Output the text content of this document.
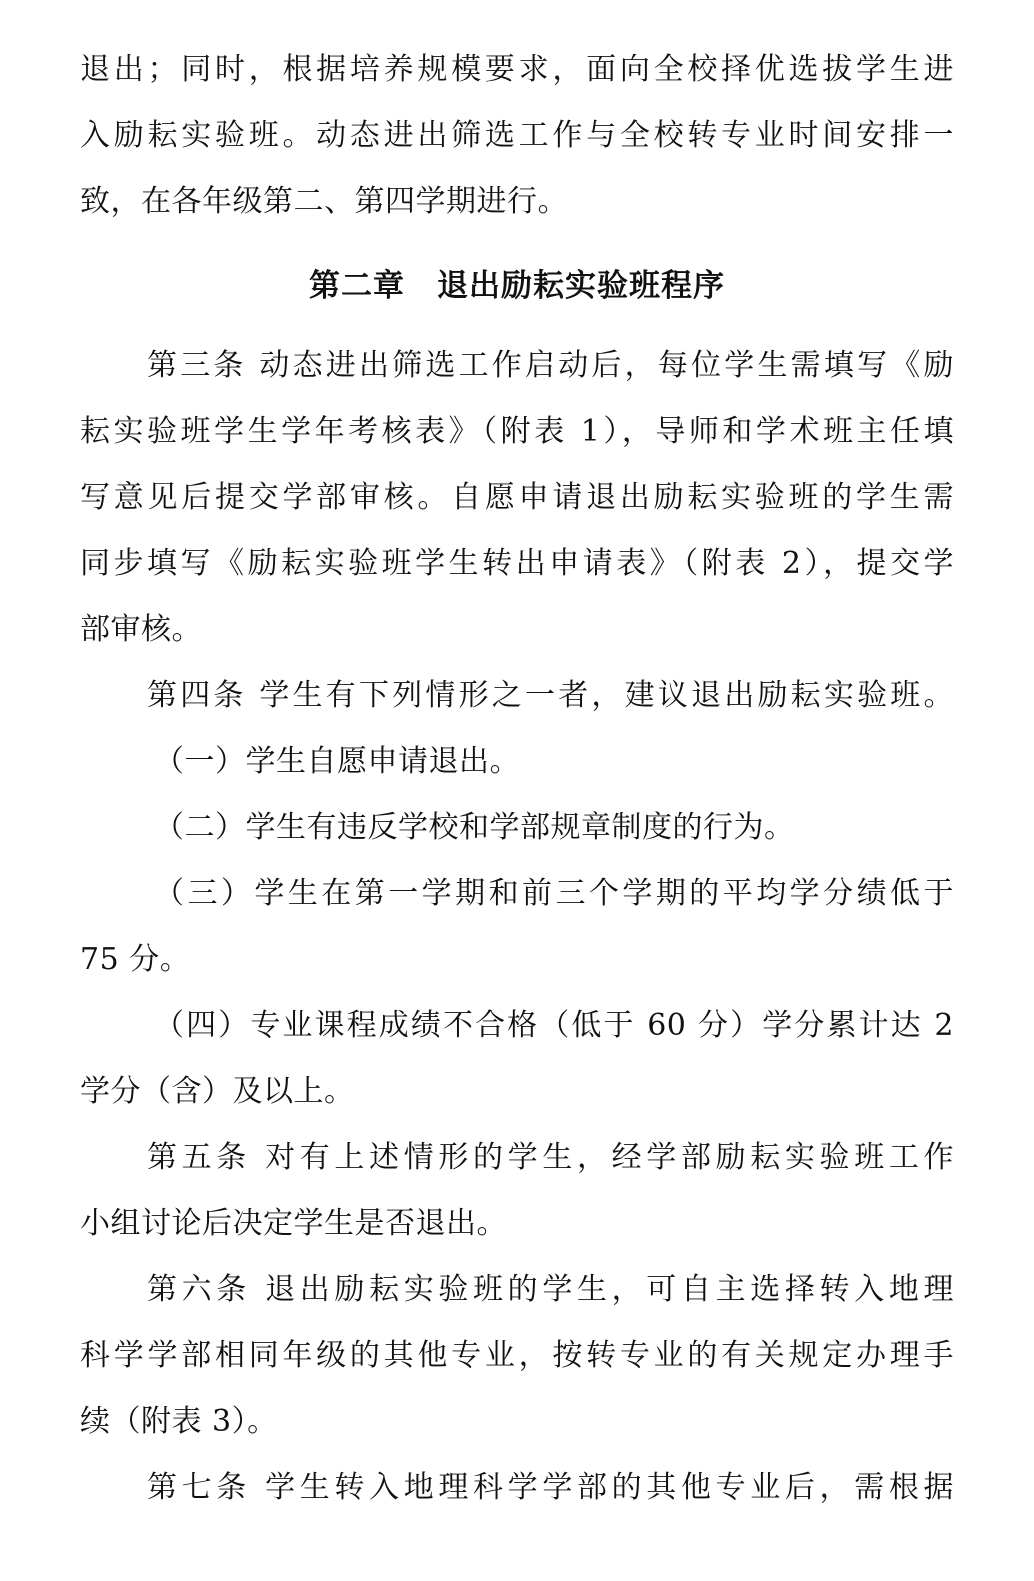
退出；同时，根据培养规模要求，面向全校择优选拔学生进
入励耘实验班。动态进出筛选工作与全校转专业时间安排一
致，在各年级第二、第四学期进行。
第二章　退出励耘实验班程序
第三条 动态进出筛选工作启动后，每位学生需填写《励
耘实验班学生学年考核表》（附表 1），导师和学术班主任填
写意见后提交学部审核。自愿申请退出励耘实验班的学生需
同步填写《励耘实验班学生转出申请表》（附表 2），提交学
部审核。
第四条 学生有下列情形之一者，建议退出励耘实验班。
（一）学生自愿申请退出。
（二）学生有违反学校和学部规章制度的行为。
（三）学生在第一学期和前三个学期的平均学分绩低于
75 分。
（四）专业课程成绩不合格（低于 60 分）学分累计达 2
学分（含）及以上。
第五条 对有上述情形的学生，经学部励耘实验班工作
小组讨论后决定学生是否退出。
第六条 退出励耘实验班的学生，可自主选择转入地理
科学学部相同年级的其他专业，按转专业的有关规定办理手
续（附表 3）。
第七条 学生转入地理科学学部的其他专业后，需根据
